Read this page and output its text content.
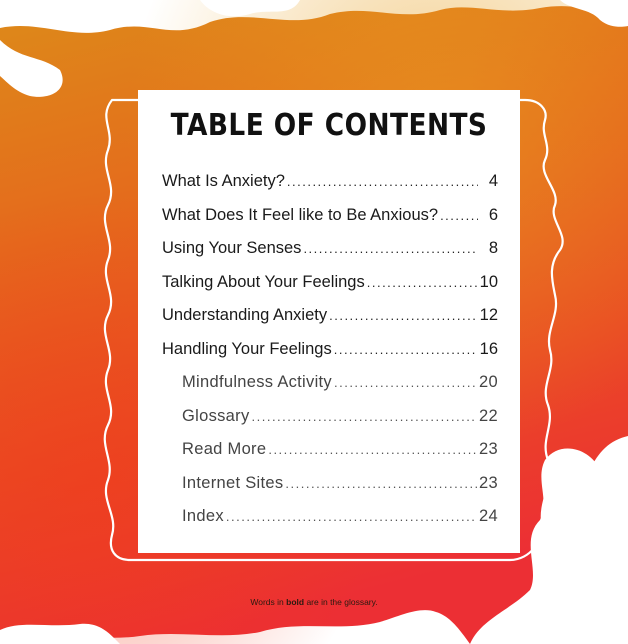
TABLE OF CONTENTS
What Is Anxiety? .....	4
What Does It Feel like to Be Anxious? .....	6
Using Your Senses .....	8
Talking About Your Feelings .....	10
Understanding Anxiety .....	12
Handling Your Feelings .....	16
Mindfulness Activity .....	20
Glossary .....	22
Read More .....	23
Internet Sites .....	23
Index .....	24
Words in bold are in the glossary.
